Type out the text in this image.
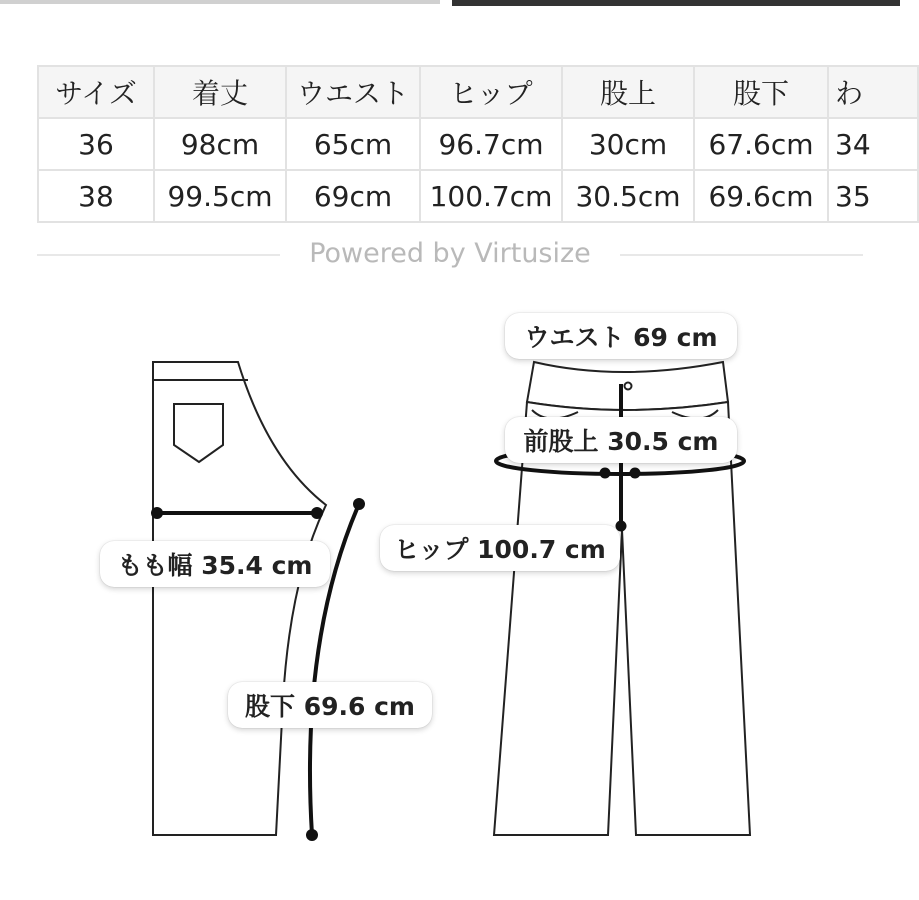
サイズ	着丈	ウエスト	ヒップ	股上	股下	わ
36	98cm	65cm	96.7cm	30cm	67.6cm	34
38	99.5cm	69cm	100.7cm	30.5cm	69.6cm	35
Powered by Virtusize
ウエスト 69 cm
前股上 30.5 cm
ヒップ 100.7 cm
もも幅 35.4 cm
股下 69.6 cm
